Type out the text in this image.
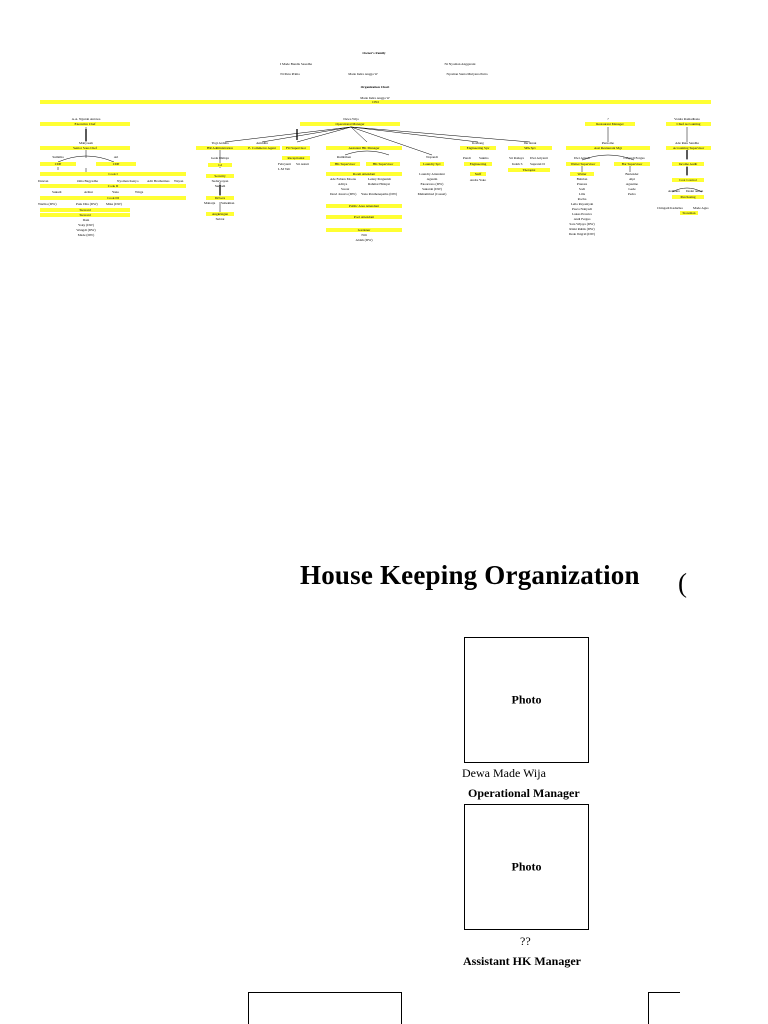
Owner's Family
I Made Bandis Sasadha	Ni Nyoman Anggarani
Ni Putu Prima	Made Indra Angga W	Nyoman Santa Mulyana Putra
Organization Chart
Made Indra Angga W
CEO
A.A. Ngurah Antawa
Executive Chef
Dewa Wija
Operational Manager
?
Restaurant Manager
Vonita Ramadhana
Chief Accounting
Mahyasah
Senior Sous Chef
Sumitha	Ari
CDP	CDP
Cook I
Dancan	Oma Bagyadha	Nyoman Kenyo Adit Bratharmas Wayan
Cook II
Sukadi	Arthur	Yana	Wirga
Cook III
Wartha (DW)	Putu Dita (DW) Mika (DW)
Steward
Steward
Dani
Yoky (DW)
Wangdi (DW)
Made (DW)
Yogi Ardana
HR Administration
Gede Dimaja
GI
Security
Sudarwayan
Suryadi
Drivers
Maharja Subekhan
Angkringan
Subrat
Anindita
E. Commerce Agent	FO Supervisor
Receptionist
Febryanti Sri Astuti
L.M Valt
Assistant HK Manager
Rumbihen
HK Supervisor	HK Supervisor
Room Attendant
Ade Fabien Moons
Aditya
Sweat
Dewi Jessica (DW) Yana Penthenepatha (DW)
Lenny Pergunish
Rahmat Hidayat
Public Area Attendant
Pool Attendant
Gardener
Nili
Aldah (DW)
Nopandi
Laundry Spv
Laundry Attendant
Agustin
Ekoartono (DW)
Sukarah (DW)
Muhammad (Casual)
Komang
Engineering Spv
Pandi Sukmo
Engineering
Staff
Andre Yoko
Ibu Anak
SPA Spv
Sri Rahaya Dwi Ariyanti
Indah S Supranti D
Therapist
Purnomo
Asst Restaurant Mgr
Dwi Ariyoh	Cahyadi Fergus
Waiter Supervisor	Bar Supervisor
Waiter
Bahrian
Pranata
Sodi
Lilis
Rocha
Leila Rayaniyah
Pasca Nahyadi
Lukas Prawira
Andi Fergus
Sara Wijaya (DW)
Rizki Rubik (DW)
Dede Jhigrid (DW)
Bartender
Alpi
Agustino
Gede
Pedro
Ade Ratu Sandha
Accounting Supervisor
Income Audit
Cost Control
Ardhana Dedet autian
Purchasing
Chingadi Kadarika	Made Agus
Storeman
House Keeping Organization (
Photo
Dewa Made Wija
Operational Manager
Photo
??
Assistant HK Manager
